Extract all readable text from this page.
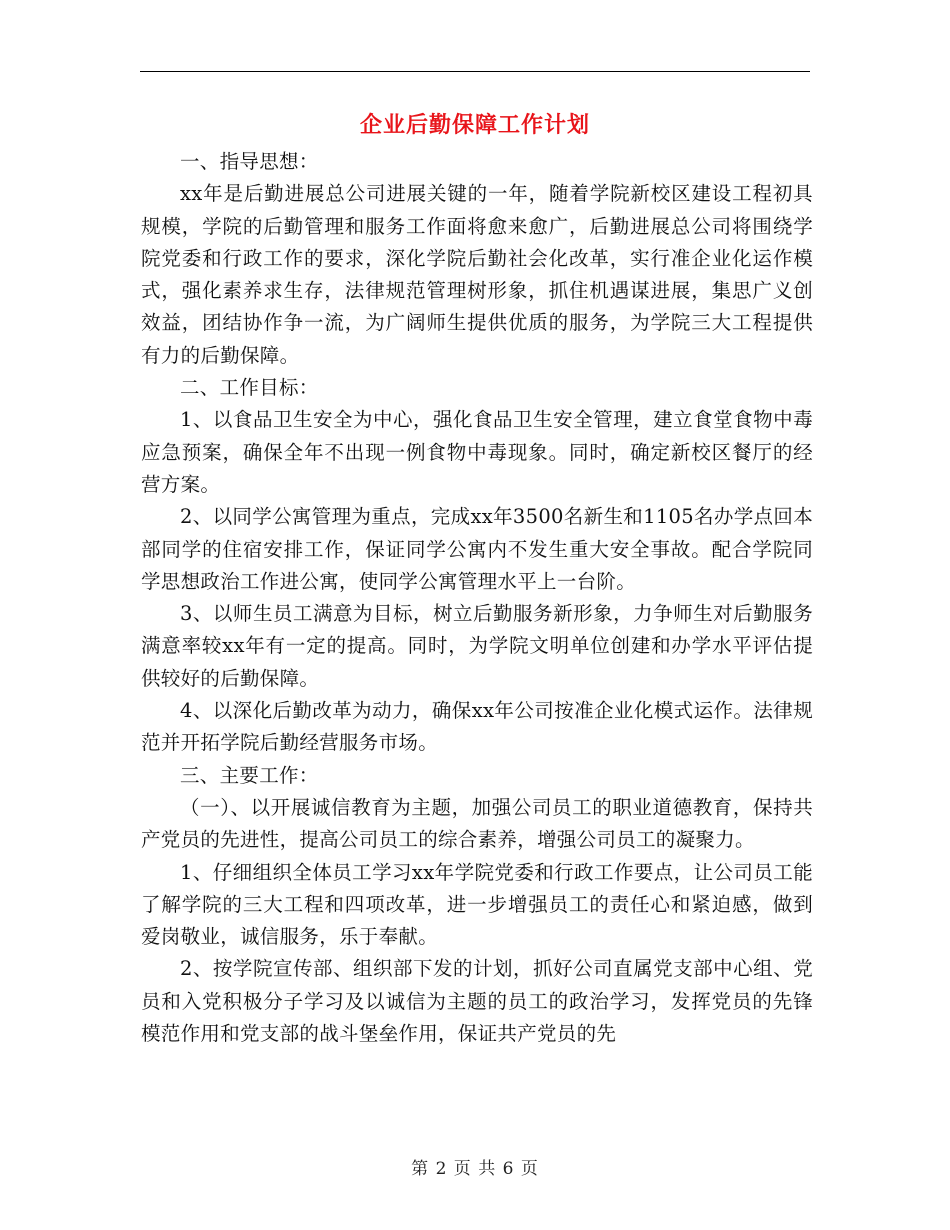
企业后勤保障工作计划

一、指导思想：

xx年是后勤进展总公司进展关键的一年，随着学院新校区建设工程初具规模，学院的后勤管理和服务工作面将愈来愈广，后勤进展总公司将围绕学院党委和行政工作的要求，深化学院后勤社会化改革，实行准企业化运作模式，强化素养求生存，法律规范管理树形象，抓住机遇谋进展，集思广义创效益，团结协作争一流，为广阔师生提供优质的服务，为学院三大工程提供有力的后勤保障。

二、工作目标：

1、以食品卫生安全为中心，强化食品卫生安全管理，建立食堂食物中毒应急预案，确保全年不出现一例食物中毒现象。同时，确定新校区餐厅的经营方案。

2、以同学公寓管理为重点，完成xx年3500名新生和1105名办学点回本部同学的住宿安排工作，保证同学公寓内不发生重大安全事故。配合学院同学思想政治工作进公寓，使同学公寓管理水平上一台阶。

3、以师生员工满意为目标，树立后勤服务新形象，力争师生对后勤服务满意率较xx年有一定的提高。同时，为学院文明单位创建和办学水平评估提供较好的后勤保障。

4、以深化后勤改革为动力，确保xx年公司按准企业化模式运作。法律规范并开拓学院后勤经营服务市场。

三、主要工作：

（一）、以开展诚信教育为主题，加强公司员工的职业道德教育，保持共产党员的先进性，提高公司员工的综合素养，增强公司员工的凝聚力。

1、仔细组织全体员工学习xx年学院党委和行政工作要点，让公司员工能了解学院的三大工程和四项改革，进一步增强员工的责任心和紧迫感，做到爱岗敬业，诚信服务，乐于奉献。

2、按学院宣传部、组织部下发的计划，抓好公司直属党支部中心组、党员和入党积极分子学习及以诚信为主题的员工的政治学习，发挥党员的先锋模范作用和党支部的战斗堡垒作用，保证共产党员的先

第 2 页 共 6 页
